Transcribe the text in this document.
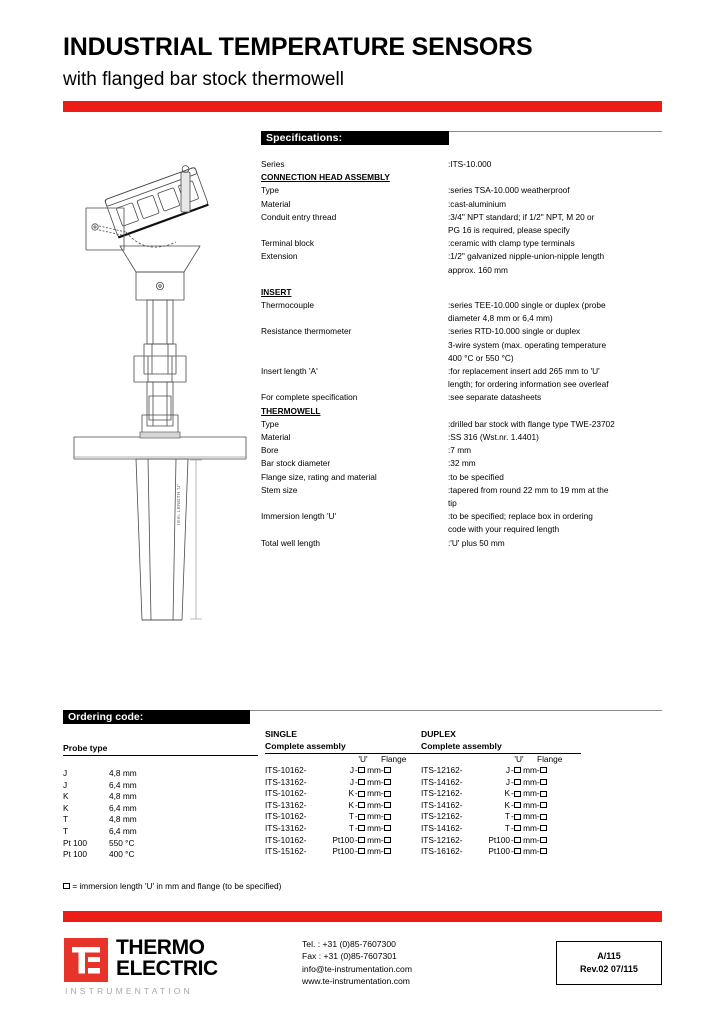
INDUSTRIAL TEMPERATURE SENSORS
with flanged bar stock thermowell
Imm. LENGTH 'U'
Specifications:
Series	:ITS-10.000
CONNECTION HEAD ASSEMBLY
Type	:series TSA-10.000 weatherproof
Material	:cast-aluminium
Conduit entry thread	:3/4" NPT standard; if 1/2" NPT, M 20 or
PG 16 is required, please specify
Terminal block	:ceramic with clamp type terminals
Extension	:1/2" galvanized nipple-union-nipple length
approx. 160 mm
INSERT
Thermocouple	:series TEE-10.000 single or duplex (probe
diameter 4,8 mm or 6,4 mm)
Resistance thermometer	:series RTD-10.000 single or duplex
3-wire system (max. operating temperature
400 °C or 550 °C)
Insert length 'A'	:for replacement insert add 265 mm to 'U'
length; for ordering information see overleaf
For complete specification	:see separate datasheets
THERMOWELL
Type	:drilled bar stock with flange type TWE-23702
Material	:SS 316 (Wst.nr. 1.4401)
Bore	:7 mm
Bar stock diameter	:32 mm
Flange size, rating and material	:to be specified
Stem size	:tapered from round 22 mm to 19 mm at the
tip
Immersion length 'U'	:to be specified; replace box in ordering
code with your required length
Total well length	:'U' plus 50 mm
Ordering code:
Probe type
J	4,8 mm
J	6,4 mm
K	4,8 mm
K	6,4 mm
T	4,8 mm
T	6,4 mm
Pt 100	550 °C
Pt 100	400 °C
SINGLE
Complete assembly
'U'	Flange
ITS-10162-	J - mm-
ITS-13162-	J - mm-
ITS-10162-	K - mm-
ITS-13162-	K - mm-
ITS-10162-	T - mm-
ITS-13162-	T - mm-
ITS-10162-	Pt100 - mm-
ITS-15162-	Pt100 - mm-
DUPLEX
Complete assembly
'U'	Flange
ITS-12162-	J - mm-
ITS-14162-	J - mm-
ITS-12162-	K - mm-
ITS-14162-	K - mm-
ITS-12162-	T - mm-
ITS-14162-	T - mm-
ITS-12162-	Pt100 - mm-
ITS-16162-	Pt100 - mm-
= immersion length 'U' in mm and flange (to be specified)
THERMO
ELECTRIC
INSTRUMENTATION
Tel. : +31 (0)85-7607300
Fax : +31 (0)85-7607301
info@te-instrumentation.com
www.te-instrumentation.com
A/115
Rev.02 07/115
